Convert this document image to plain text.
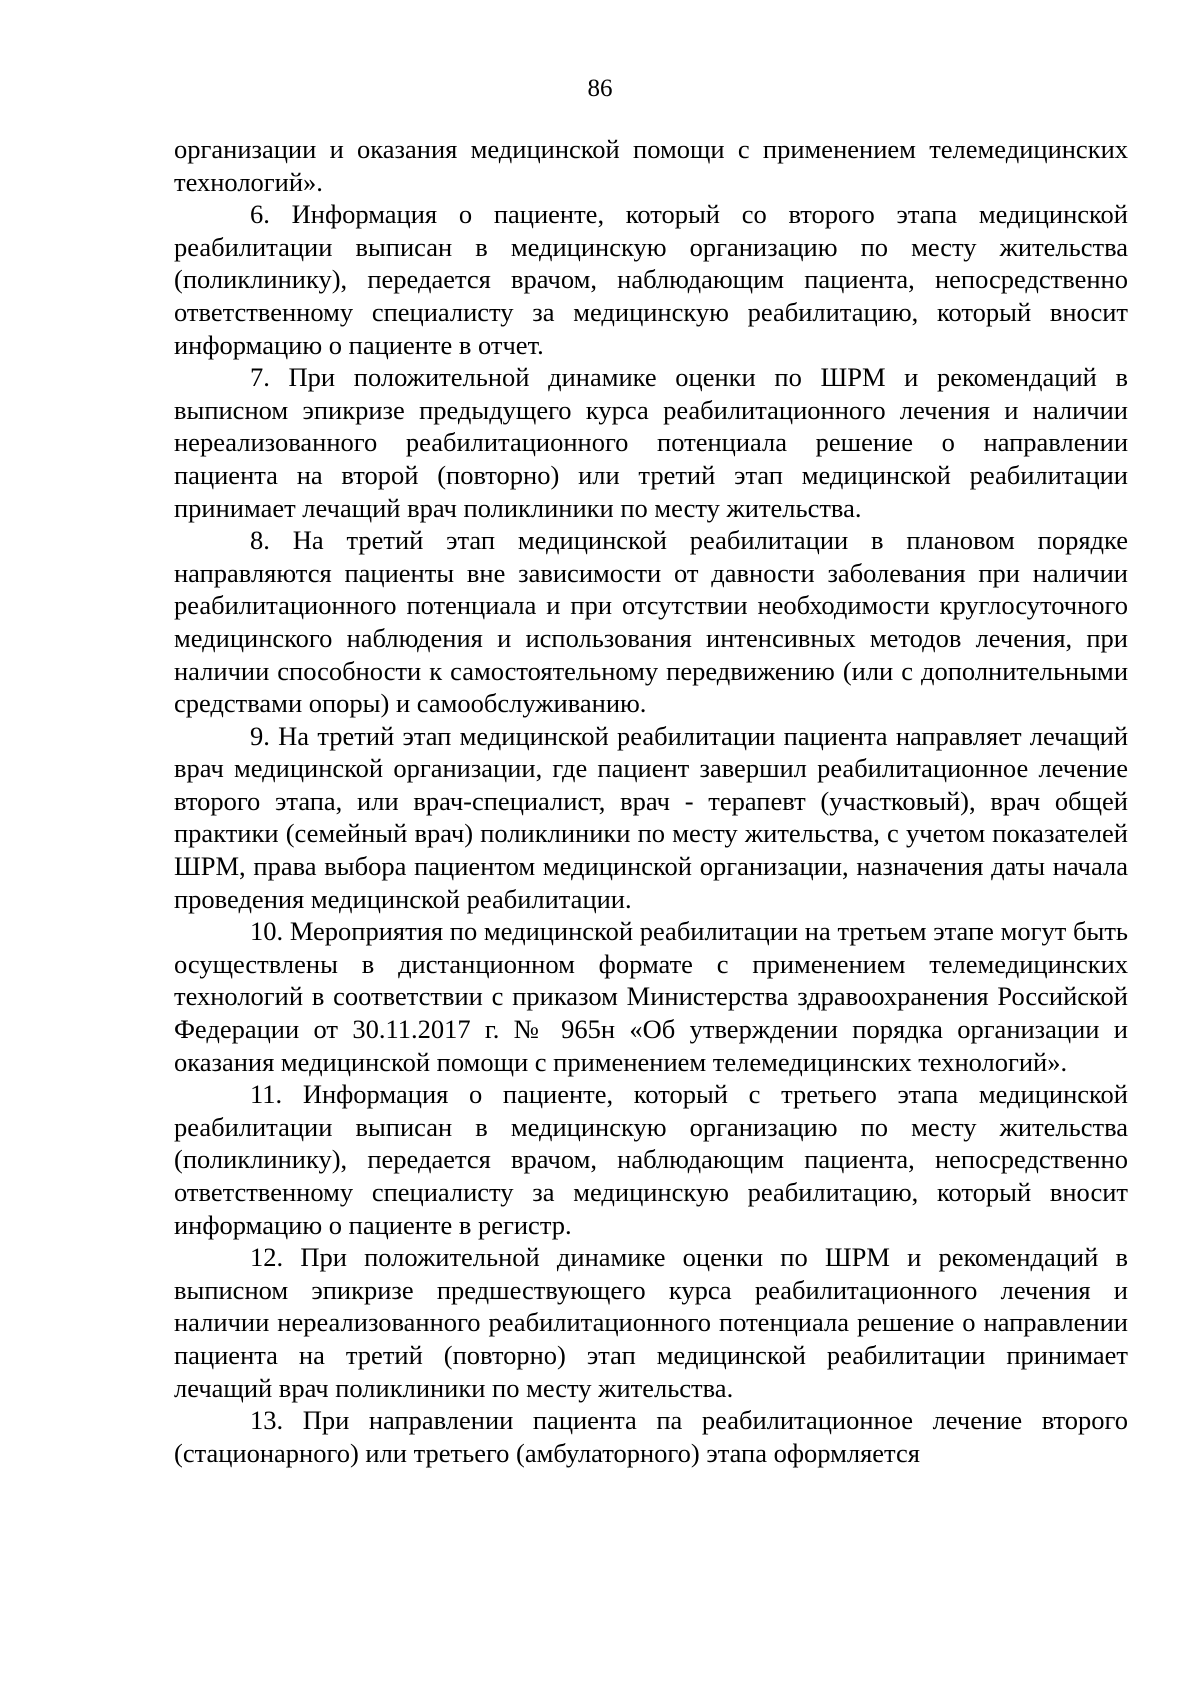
86

организации и оказания медицинской помощи с применением телемедицинских технологий».

6. Информация о пациенте, который со второго этапа медицинской реабилитации выписан в медицинскую организацию по месту жительства (поликлинику), передается врачом, наблюдающим пациента, непосредственно ответственному специалисту за медицинскую реабилитацию, который вносит информацию о пациенте в отчет.

7. При положительной динамике оценки по ШРМ и рекомендаций в выписном эпикризе предыдущего курса реабилитационного лечения и наличии нереализованного реабилитационного потенциала решение о направлении пациента на второй (повторно) или третий этап медицинской реабилитации принимает лечащий врач поликлиники по месту жительства.

8. На третий этап медицинской реабилитации в плановом порядке направляются пациенты вне зависимости от давности заболевания при наличии реабилитационного потенциала и при отсутствии необходимости круглосуточного медицинского наблюдения и использования интенсивных методов лечения, при наличии способности к самостоятельному передвижению (или с дополнительными средствами опоры) и самообслуживанию.

9. На третий этап медицинской реабилитации пациента направляет лечащий врач медицинской организации, где пациент завершил реабилитационное лечение второго этапа, или врач-специалист, врач - терапевт (участковый), врач общей практики (семейный врач) поликлиники по месту жительства, с учетом показателей ШРМ, права выбора пациентом медицинской организации, назначения даты начала проведения медицинской реабилитации.

10. Мероприятия по медицинской реабилитации на третьем этапе могут быть осуществлены в дистанционном формате с применением телемедицинских технологий в соответствии с приказом Министерства здравоохранения Российской Федерации от 30.11.2017 г. № 965н «Об утверждении порядка организации и оказания медицинской помощи с применением телемедицинских технологий».

11. Информация о пациенте, который с третьего этапа медицинской реабилитации выписан в медицинскую организацию по месту жительства (поликлинику), передается врачом, наблюдающим пациента, непосредственно ответственному специалисту за медицинскую реабилитацию, который вносит информацию о пациенте в регистр.

12. При положительной динамике оценки по ШРМ и рекомендаций в выписном эпикризе предшествующего курса реабилитационного лечения и наличии нереализованного реабилитационного потенциала решение о направлении пациента на третий (повторно) этап медицинской реабилитации принимает лечащий врач поликлиники по месту жительства.

13. При направлении пациента па реабилитационное лечение второго (стационарного) или третьего (амбулаторного) этапа оформляется
